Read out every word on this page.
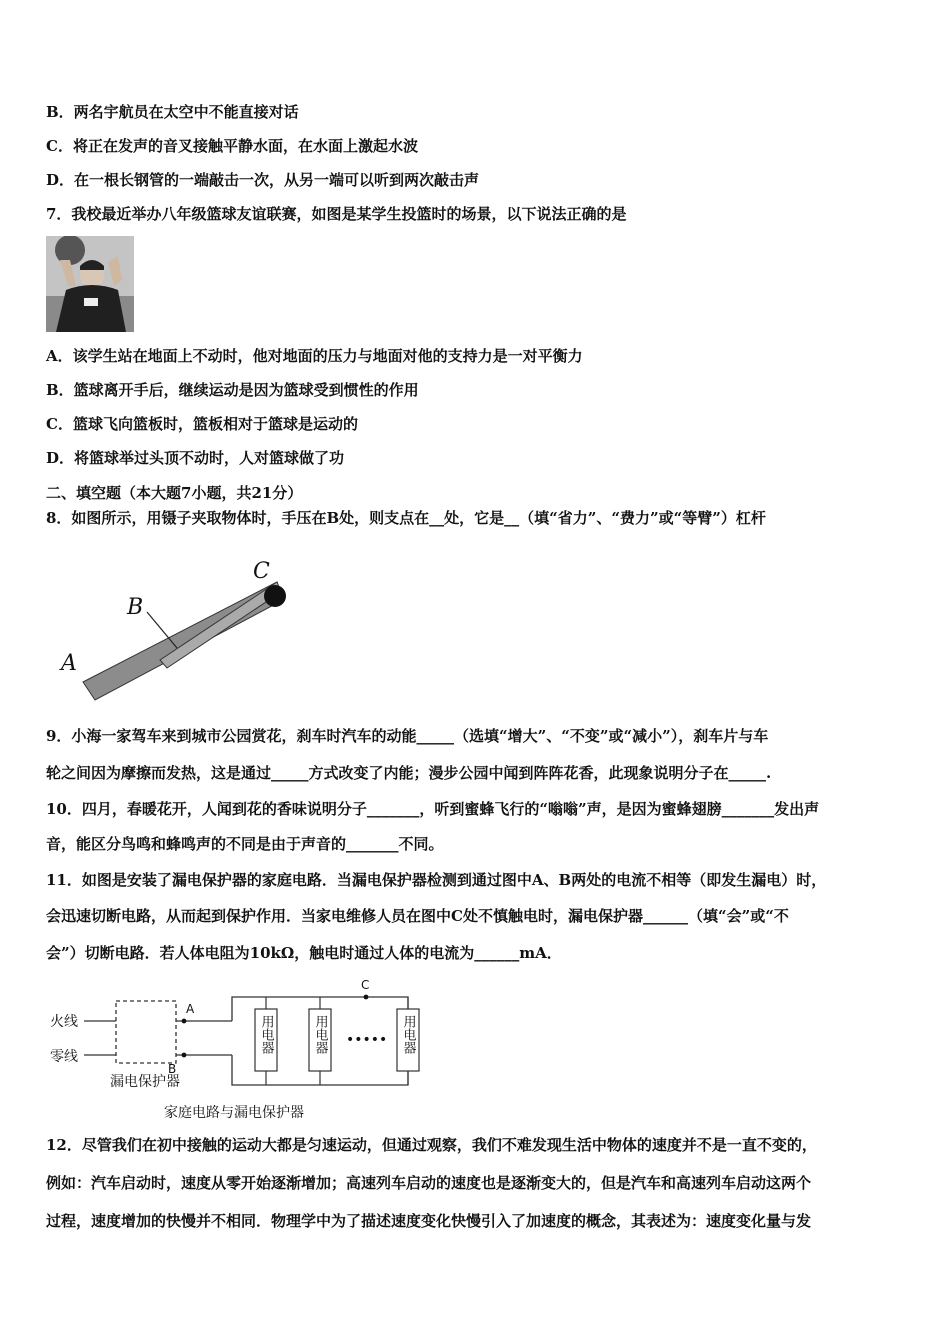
B．两名宇航员在太空中不能直接对话
C．将正在发声的音叉接触平静水面，在水面上激起水波
D．在一根长钢管的一端敲击一次，从另一端可以听到两次敲击声
7．我校最近举办八年级篮球友谊联赛，如图是某学生投篮时的场景，以下说法正确的是
A．该学生站在地面上不动时，他对地面的压力与地面对他的支持力是一对平衡力
B．篮球离开手后，继续运动是因为篮球受到惯性的作用
C．篮球飞向篮板时，篮板相对于篮球是运动的
D．将篮球举过头顶不动时，人对篮球做了功
二、填空题（本大题7小题，共21分）
8．如图所示，用镊子夹取物体时，手压在B处，则支点在__处，它是__（填“省力”、“费力”或“等臂”）杠杆
C
B
A
9．小海一家驾车来到城市公园赏花，刹车时汽车的动能_____（选填“增大”、“不变”或“减小”），刹车片与车
轮之间因为摩擦而发热，这是通过_____方式改变了内能；漫步公园中闻到阵阵花香，此现象说明分子在_____.
10．四月，春暖花开，人闻到花的香味说明分子_______，听到蜜蜂飞行的“嗡嗡”声，是因为蜜蜂翅膀_______发出声
音，能区分鸟鸣和蜂鸣声的不同是由于声音的_______不同。
11．如图是安装了漏电保护器的家庭电路．当漏电保护器检测到通过图中A、B两处的电流不相等（即发生漏电）时，
会迅速切断电路，从而起到保护作用．当家电维修人员在图中C处不慎触电时，漏电保护器______（填“会”或“不
会”）切断电路．若人体电阻为10kΩ，触电时通过人体的电流为______mA．
火线
零线
A
B
C
漏电保护器
用电器	用电器	用电器
•••••
家庭电路与漏电保护器
12．尽管我们在初中接触的运动大都是匀速运动，但通过观察，我们不难发现生活中物体的速度并不是一直不变的，
例如：汽车启动时，速度从零开始逐渐增加；高速列车启动的速度也是逐渐变大的，但是汽车和高速列车启动这两个
过程，速度增加的快慢并不相同．物理学中为了描述速度变化快慢引入了加速度的概念，其表述为：速度变化量与发
